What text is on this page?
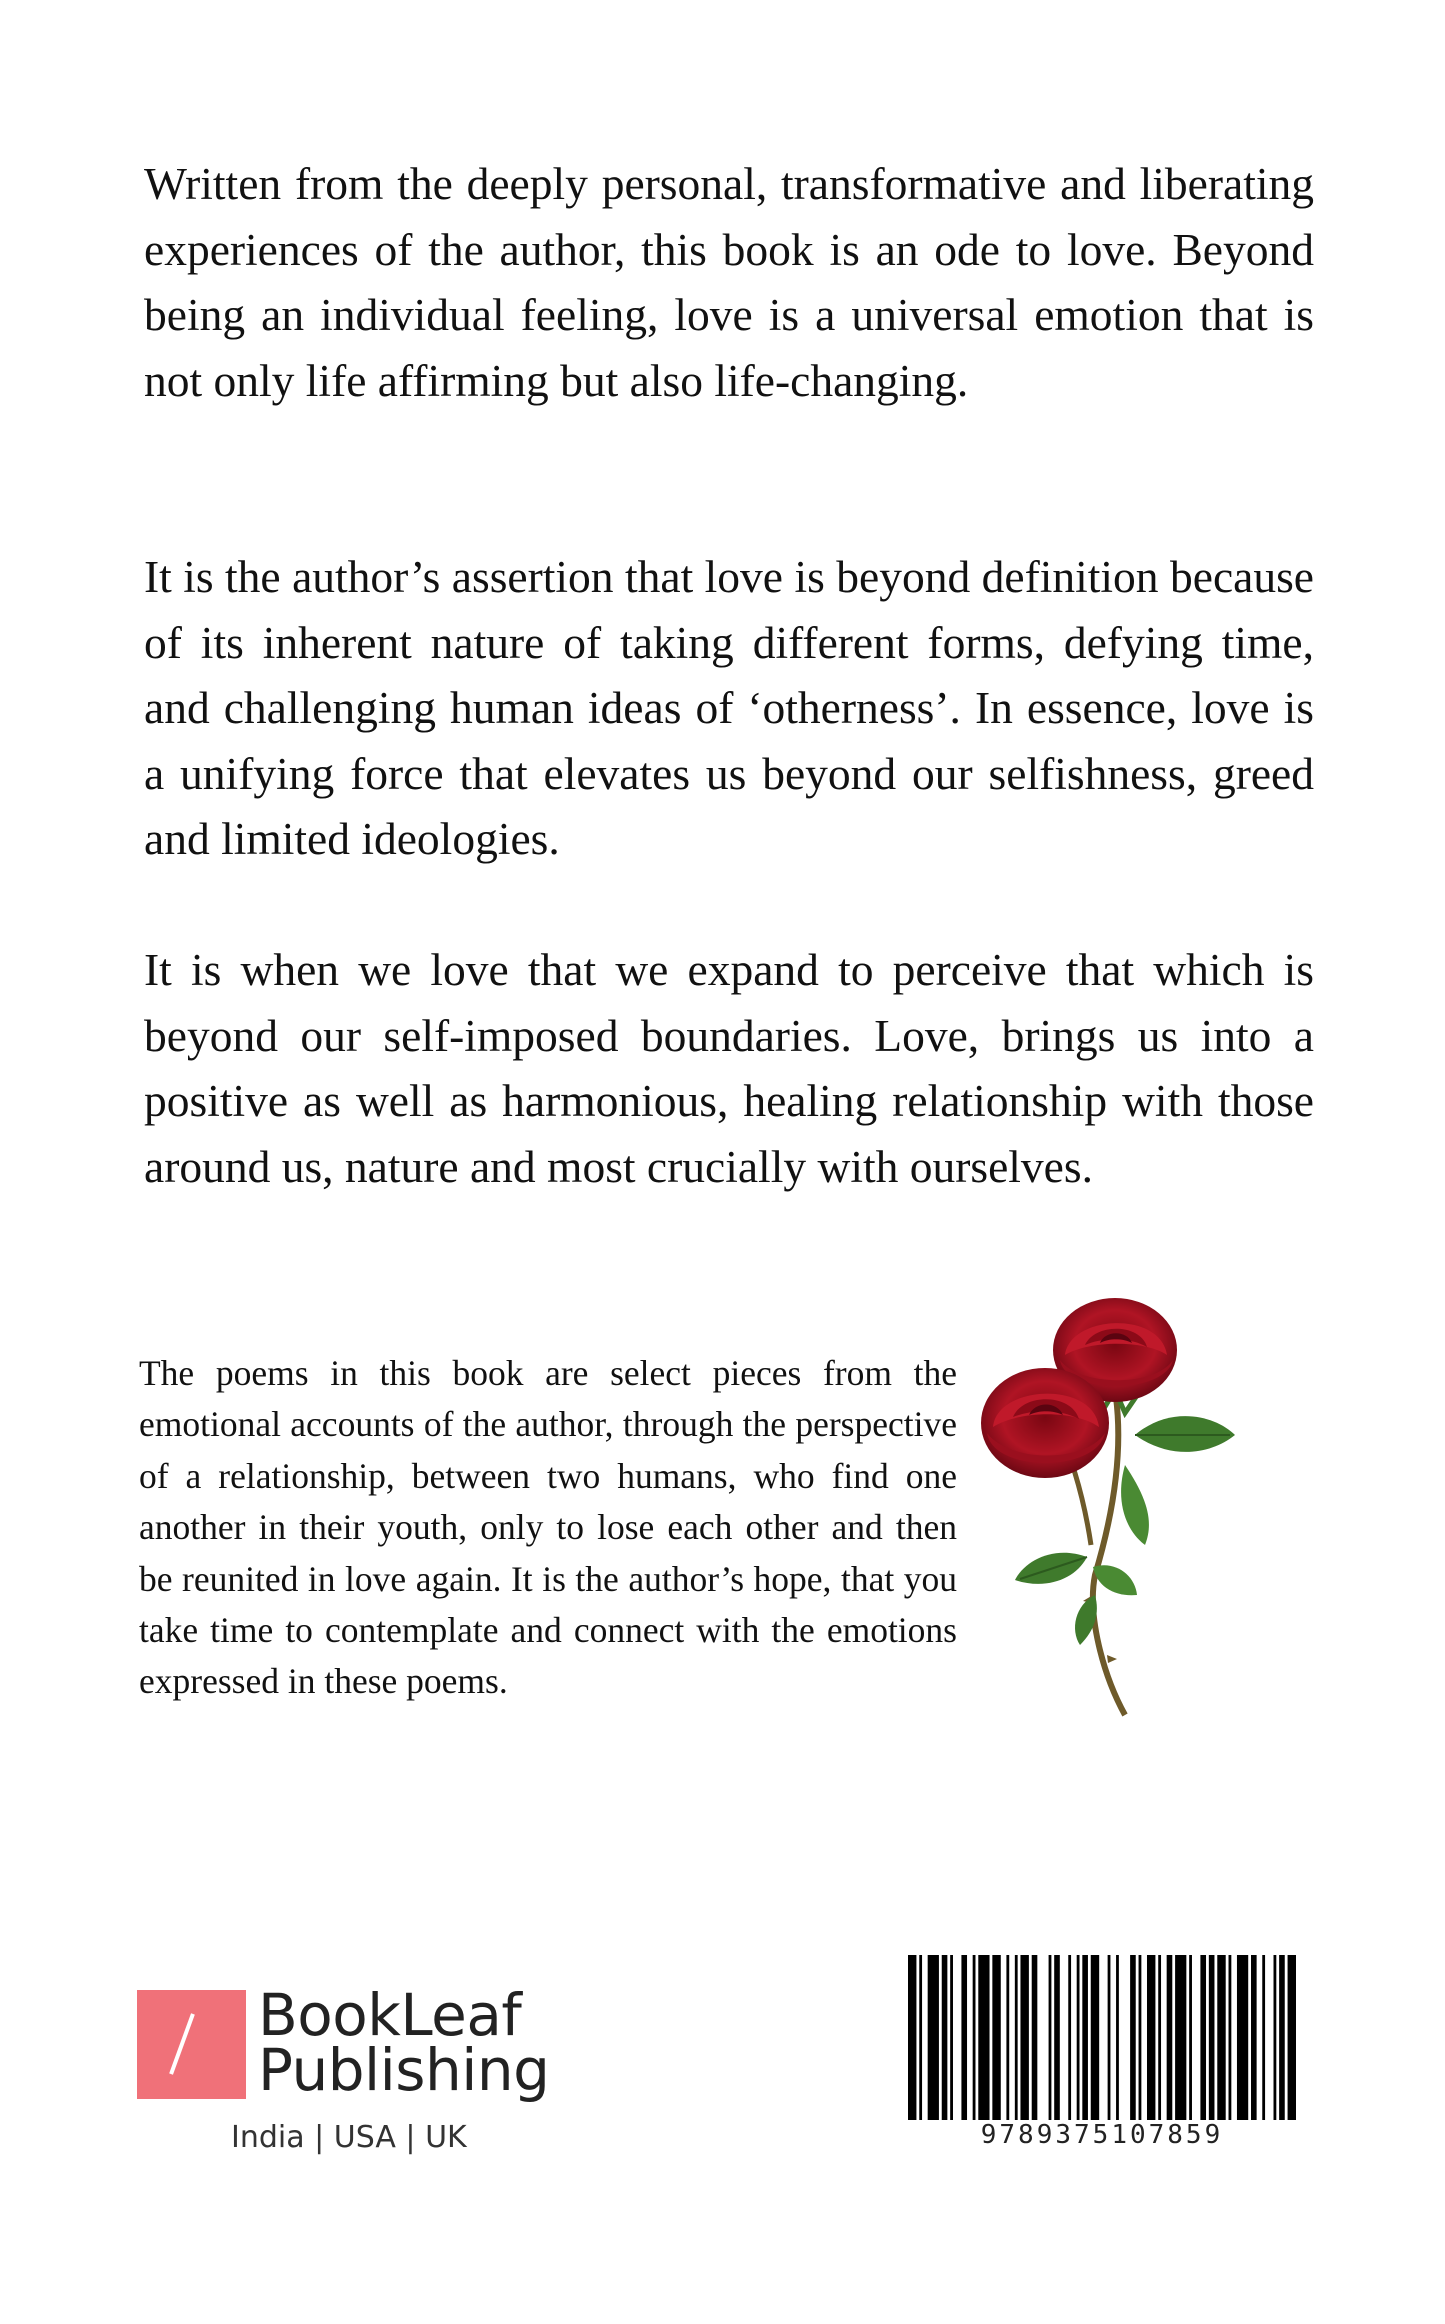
Written from the deeply personal, transformative and liberating experiences of the author, this book is an ode to love. Beyond being an individual feeling, love is a universal emotion that is not only life affirming but also life-changing.

It is the author’s assertion that love is beyond definition because of its inherent nature of taking different forms, defying time, and challenging human ideas of ‘otherness’. In essence, love is a unifying force that elevates us beyond our selfishness, greed and limited ideologies.

It is when we love that we expand to perceive that which is beyond our self-imposed boundaries. Love, brings us into a positive as well as harmonious, healing relationship with those around us, nature and most crucially with ourselves.

The poems in this book are select pieces from the emotional accounts of the author, through the perspective of a relationship, between two humans, who find one another in their youth, only to lose each other and then be reunited in love again. It is the author’s hope, that you take time to contemplate and connect with the emotions expressed in these poems.

BookLeaf
Publishing
India | USA | UK	9789375107859
